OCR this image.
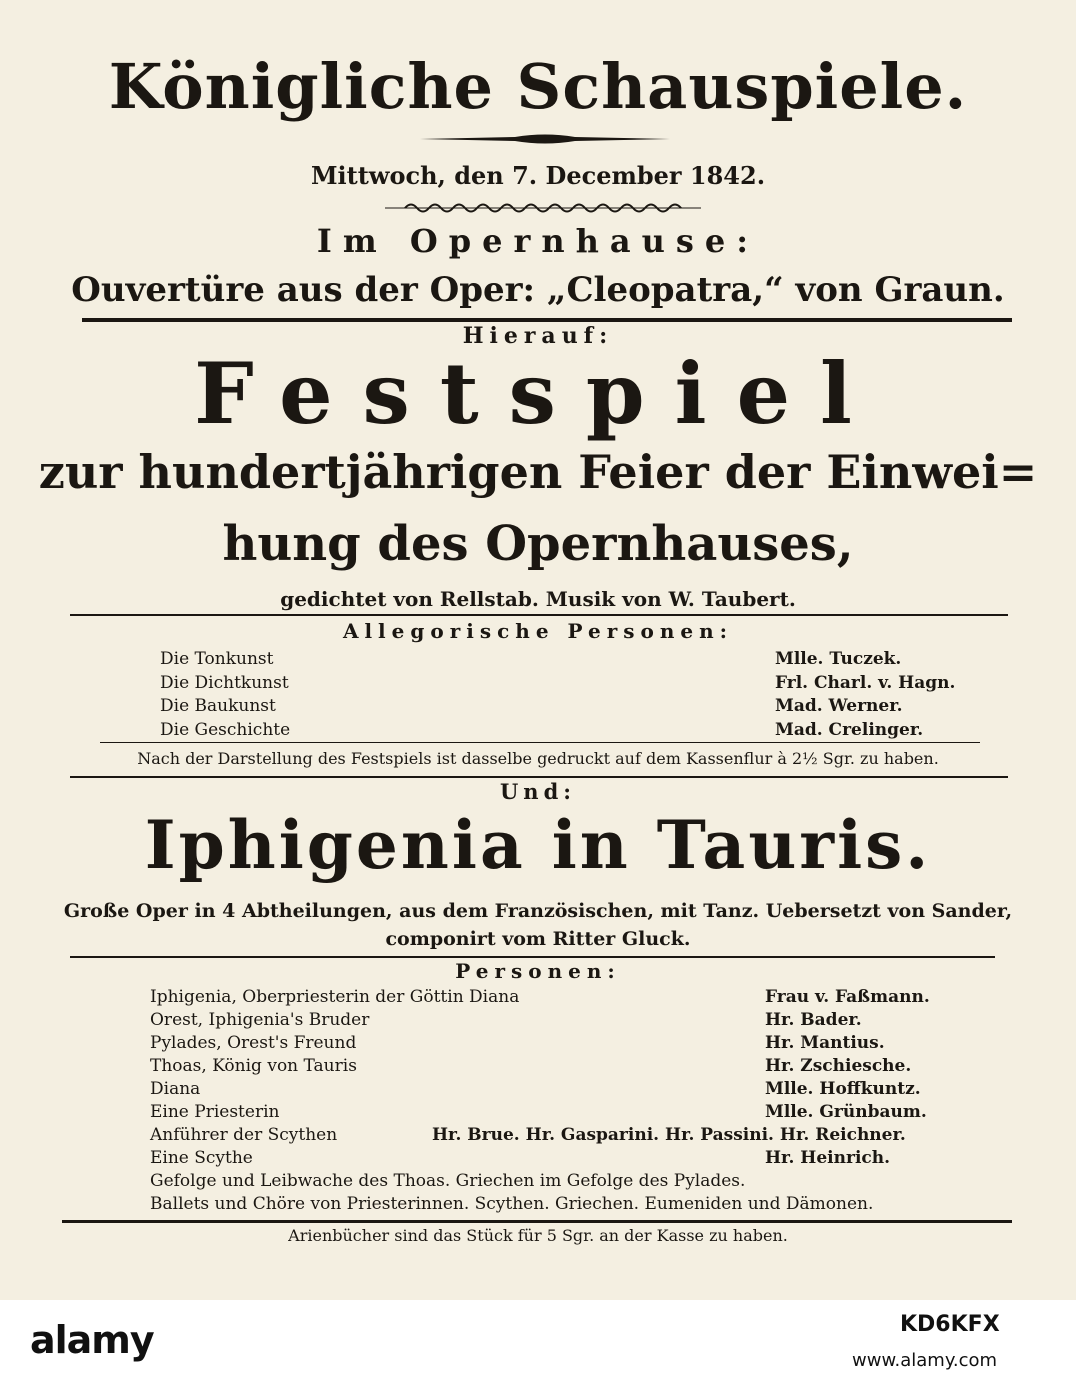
Königliche Schauspiele.
Mittwoch, den 7. December 1842.
Im Opernhause:
Ouvertüre aus der Oper: „Cleopatra,“ von Graun.
Hierauf:
Festspiel
zur hundertjährigen Feier der Einwei=
hung des Opernhauses,
gedichtet von Rellstab. Musik von W. Taubert.
Allegorische Personen:
Die Tonkunst
Die Dichtkunst
Die Baukunst
Die Geschichte
Mlle. Tuczek.
Frl. Charl. v. Hagn.
Mad. Werner.
Mad. Crelinger.
Nach der Darstellung des Festspiels ist dasselbe gedruckt auf dem Kassenflur à 2½ Sgr. zu haben.
Und:
Iphigenia in Tauris.
Große Oper in 4 Abtheilungen, aus dem Französischen, mit Tanz. Uebersetzt von Sander,
componirt vom Ritter Gluck.
Personen:
Iphigenia, Oberpriesterin der Göttin Diana
Orest, Iphigenia's Bruder
Pylades, Orest's Freund
Thoas, König von Tauris
Diana
Eine Priesterin
Anführer der Scythen
Eine Scythe
Frau v. Faßmann.
Hr. Bader.
Hr. Mantius.
Hr. Zschiesche.
Mlle. Hoffkuntz.
Mlle. Grünbaum.
Hr. Heinrich.
Hr. Brue. Hr. Gasparini. Hr. Passini. Hr. Reichner.
Gefolge und Leibwache des Thoas. Griechen im Gefolge des Pylades.
Ballets und Chöre von Priesterinnen. Scythen. Griechen. Eumeniden und Dämonen.
Arienbücher sind das Stück für 5 Sgr. an der Kasse zu haben.
alamy	KD6KFX
www.alamy.com
